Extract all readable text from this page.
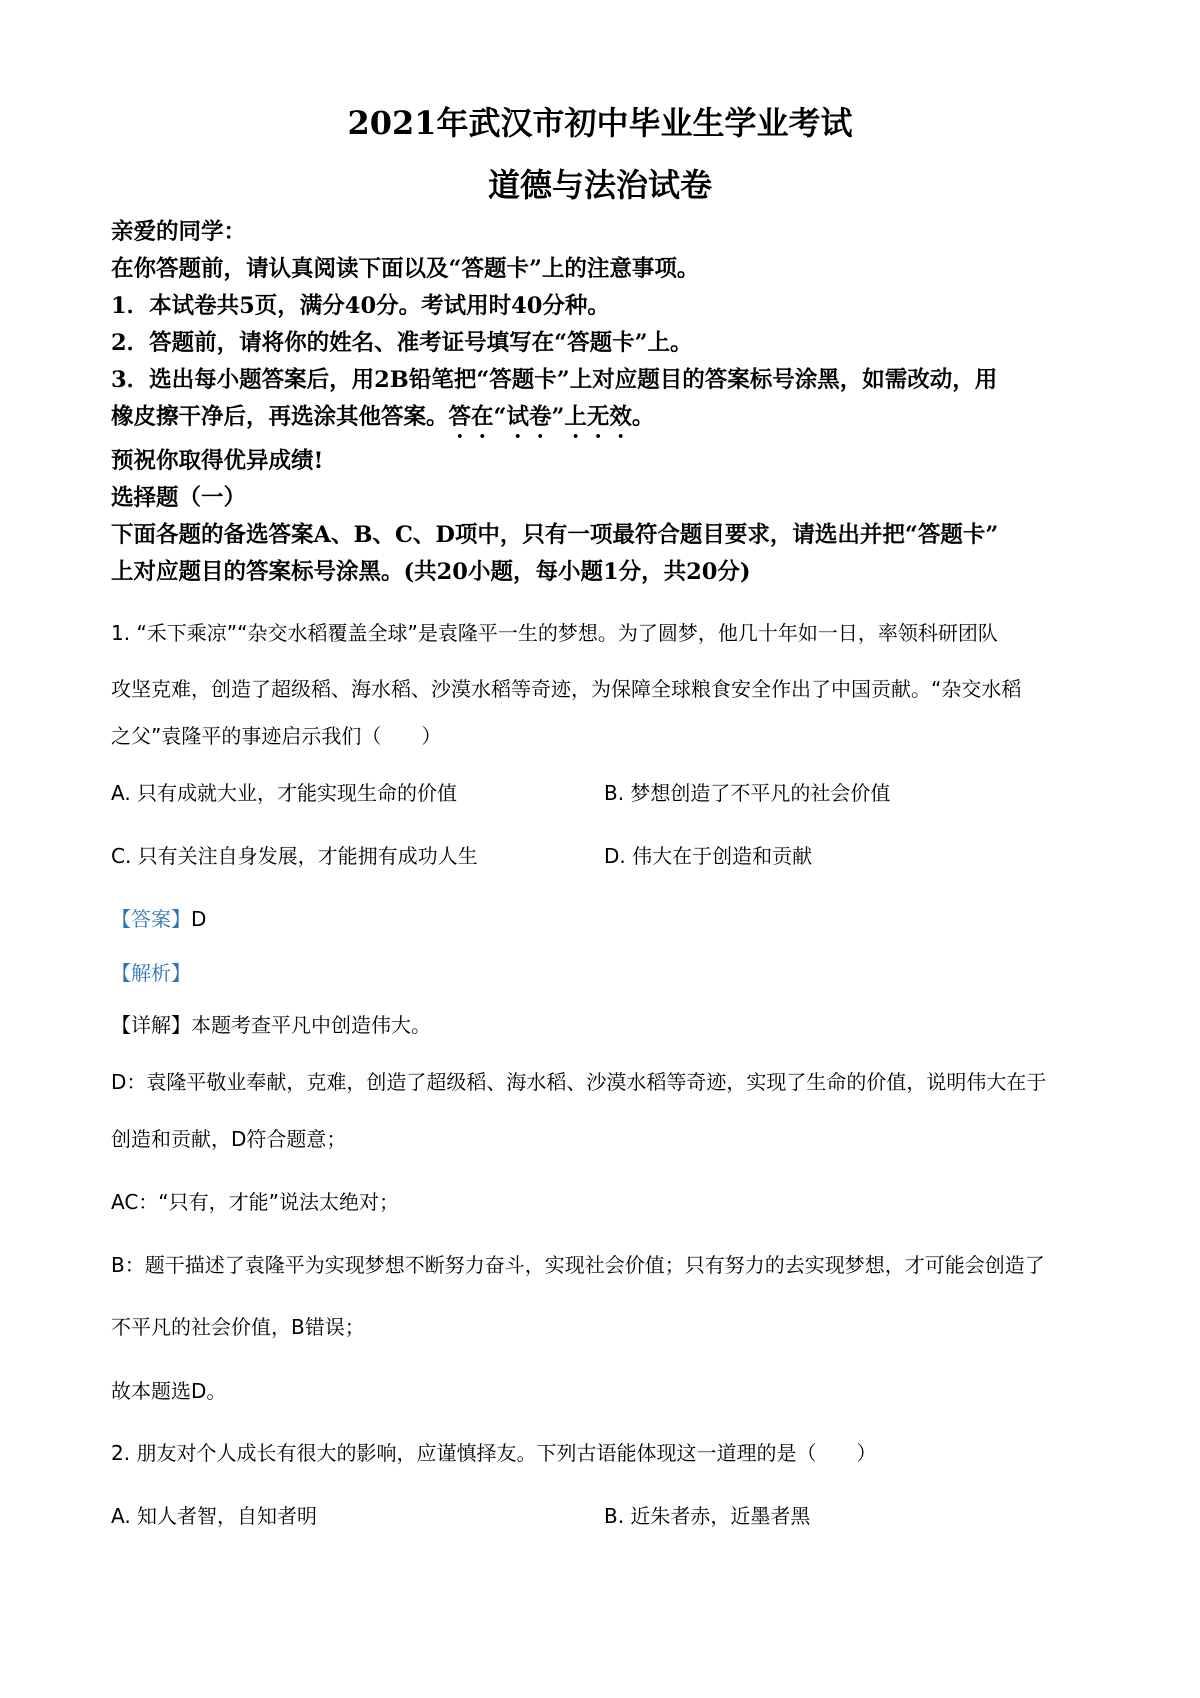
2021年武汉市初中毕业生学业考试
道德与法治试卷
亲爱的同学：
在你答题前，请认真阅读下面以及“答题卡”上的注意事项。
1．本试卷共5页，满分40分。考试用时40分种。
2．答题前，请将你的姓名、准考证号填写在“答题卡”上。
3．选出每小题答案后，用2B铅笔把“答题卡”上对应题目的答案标号涂黑，如需改动，用
橡皮擦干净后，再选涂其他答案。答在“试卷”上无效。
预祝你取得优异成绩!
选择题（一）
下面各题的备选答案A、B、C、D项中，只有一项最符合题目要求，请选出并把“答题卡”
上对应题目的答案标号涂黑。(共20小题，每小题1分，共20分)
1. “禾下乘凉”“杂交水稻覆盖全球”是袁隆平一生的梦想。为了圆梦，他几十年如一日，率领科研团队
攻坚克难，创造了超级稻、海水稻、沙漠水稻等奇迹，为保障全球粮食安全作出了中国贡献。“杂交水稻
之父”袁隆平的事迹启示我们（　　）
A. 只有成就大业，才能实现生命的价值	B. 梦想创造了不平凡的社会价值
C. 只有关注自身发展，才能拥有成功人生	D. 伟大在于创造和贡献
【答案】D
【解析】
【详解】本题考查平凡中创造伟大。
D：袁隆平敬业奉献，克难，创造了超级稻、海水稻、沙漠水稻等奇迹，实现了生命的价值，说明伟大在于
创造和贡献，D符合题意；
AC：“只有，才能”说法太绝对；
B：题干描述了袁隆平为实现梦想不断努力奋斗，实现社会价值；只有努力的去实现梦想，才可能会创造了
不平凡的社会价值，B错误；
故本题选D。
2. 朋友对个人成长有很大的影响，应谨慎择友。下列古语能体现这一道理的是（　　）
A. 知人者智，自知者明	B. 近朱者赤，近墨者黑
